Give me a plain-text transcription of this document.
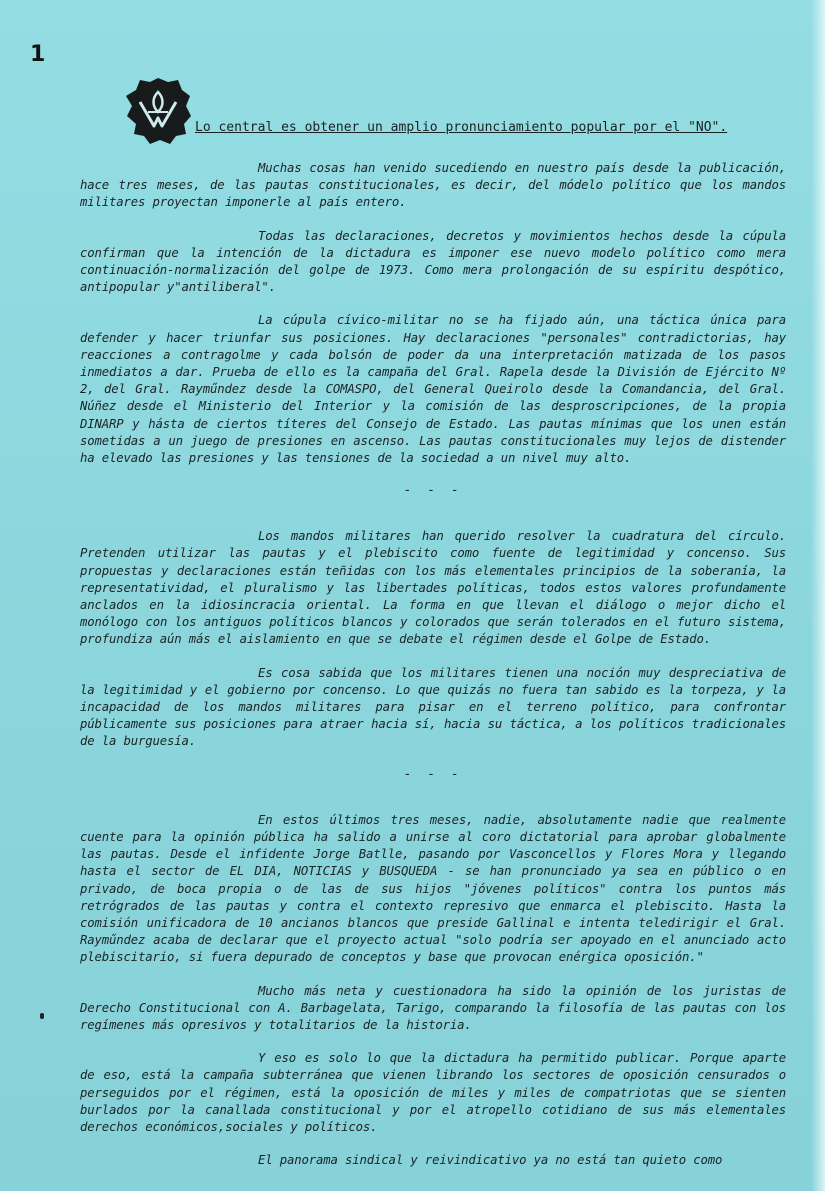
1
Lo central es obtener un amplio pronunciamiento popular por el "NO".

Muchas cosas han venido sucediendo en nuestro país desde la publicación, hace tres meses, de las pautas constitucionales, es decir, del módelo político que los mandos militares proyectan imponerle al país entero.

Todas las declaraciones, decretos y movimientos hechos desde la cúpula confirman que la intención de la dictadura es imponer ese nuevo modelo político como mera continuación-normalización del golpe de 1973. Como mera prolongación de su espíritu despótico, antipopular y"antiliberal".

La cúpula cívico-militar no se ha fijado aún, una táctica única para defender y hacer triunfar sus posiciones. Hay declaraciones "personales" contradictorias, hay reacciones a contragolme y cada bolsón de poder da una interpretación matizada de los pasos inmediatos a dar. Prueba de ello es la campaña del Gral. Rapela desde la División de Ejército Nº 2, del Gral. Rayműndez desde la COMASPO, del General Queirolo desde la Comandancia, del Gral. Núñez desde el Ministerio del Interior y la comisión de las desproscripciones, de la propia DINARP y hásta de ciertos títeres del Consejo de Estado. Las pautas mínimas que los unen están sometidas a un juego de presiones en ascenso. Las pautas constitucionales muy lejos de distender ha elevado las presiones y las tensiones de la sociedad a un nivel muy alto.

- - -

Los mandos militares han querido resolver la cuadratura del círculo. Pretenden utilizar las pautas y el plebiscito como fuente de legitimidad y concenso. Sus propuestas y declaraciones están teñidas con los más elementales principios de la soberanía, la representatividad, el pluralismo y las libertades políticas, todos estos valores profundamente anclados en la idiosincracia oriental. La forma en que llevan el diálogo o mejor dicho el monólogo con los antiguos políticos blancos y colorados que serán tolerados en el futuro sistema, profundiza aún más el aislamiento en que se debate el régimen desde el Golpe de Estado.

Es cosa sabida que los militares tienen una noción muy despreciativa de la legitimidad y el gobierno por concenso. Lo que quizás no fuera tan sabido es la torpeza, y la incapacidad de los mandos militares para pisar en el terreno político, para confrontar públicamente sus posiciones para atraer hacia sí, hacia su táctica, a los políticos tradicionales de la burguesía.

- - -

En estos últimos tres meses, nadie, absolutamente nadie que realmente cuente para la opinión pública ha salido a unirse al coro dictatorial para aprobar globalmente las pautas. Desde el infidente Jorge Batlle, pasando por Vasconcellos y Flores Mora y llegando hasta el sector de EL DIA, NOTICIAS y BUSQUEDA - se han pronunciado ya sea en público o en privado, de boca propia o de las de sus hijos "jóvenes políticos" contra los puntos más retrógrados de las pautas y contra el contexto represivo que enmarca el plebiscito. Hasta la comisión unificadora de 10 ancianos blancos que preside Gallinal e intenta teledirigir el Gral. Rayműndez acaba de declarar que el proyecto actual "solo podría ser apoyado en el anunciado acto plebiscitario, si fuera depurado de conceptos y base que provocan enérgica oposición."

Mucho más neta y cuestionadora ha sido la opinión de los juristas de Derecho Constitucional con A. Barbagelata, Tarigo, comparando la filosofía de las pautas con los regímenes más opresivos y totalitarios de la historia.

Y eso es solo lo que la dictadura ha permitido publicar. Porque aparte de eso, está la campaña subterránea que vienen librando los sectores de oposición censurados o perseguidos por el régimen, está la oposición de miles y miles de compatriotas que se sienten burlados por la canallada constitucional y por el atropello cotidiano de sus más elementales derechos económicos,sociales y políticos.

El panorama sindical y reivindicativo ya no está tan quieto como
